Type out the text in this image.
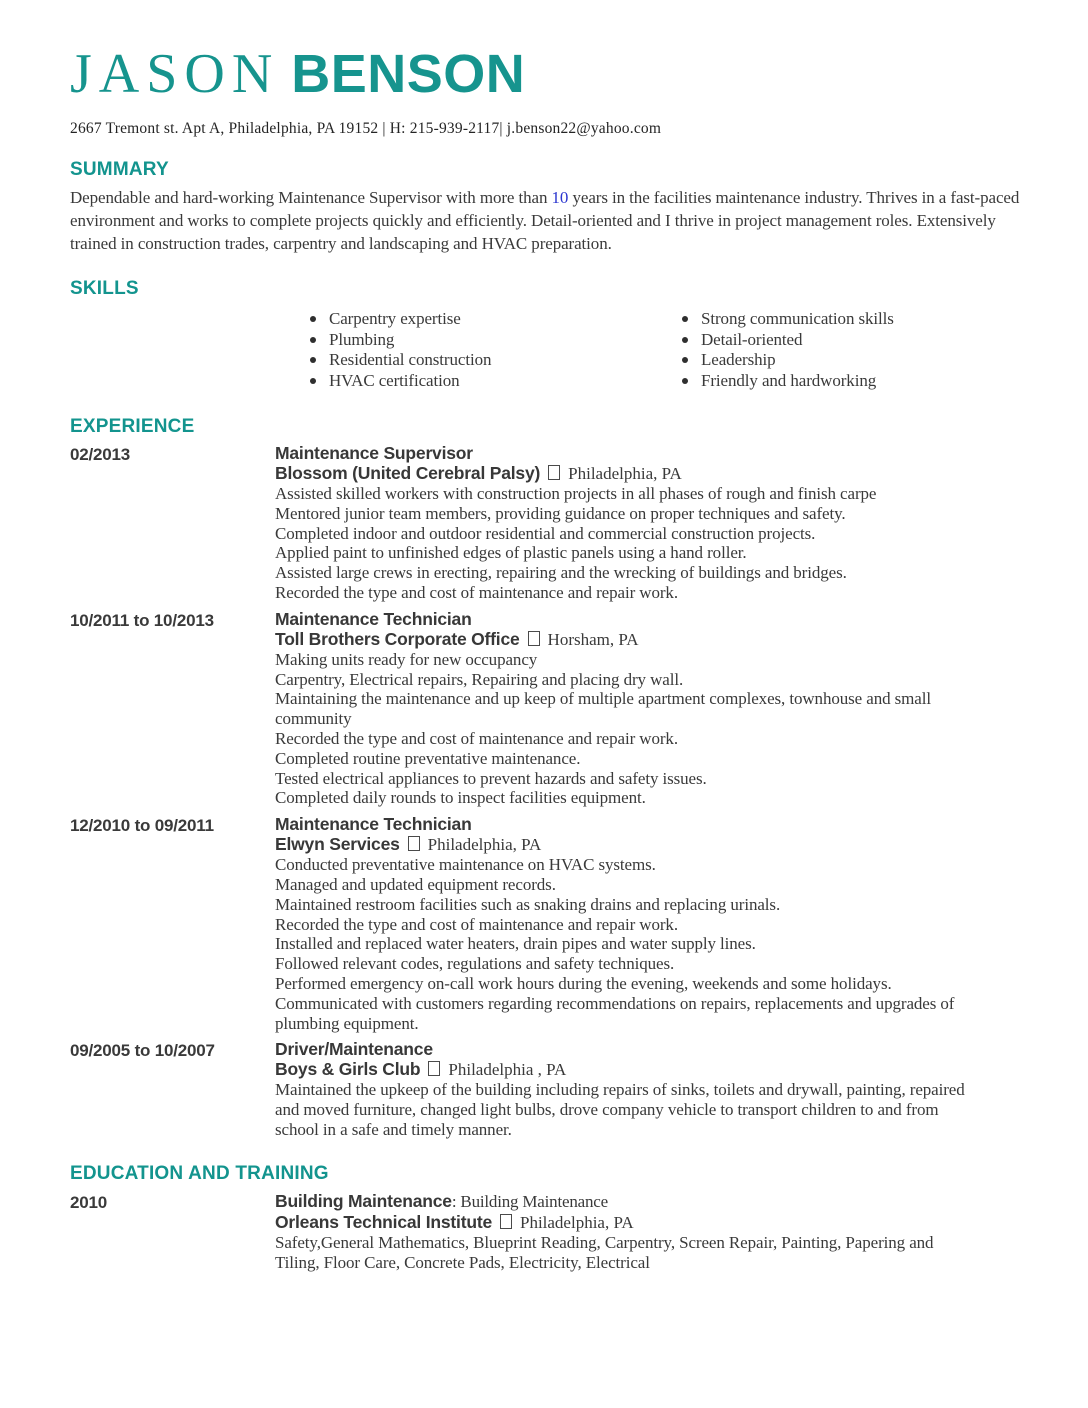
JASON BENSON
2667 Tremont st. Apt A, Philadelphia, PA 19152 | H: 215-939-2117| j.benson22@yahoo.com
SUMMARY

Dependable and hard-working Maintenance Supervisor with more than 10 years in the facilities maintenance industry. Thrives in a fast-paced environment and works to complete projects quickly and efficiently. Detail-oriented and I thrive in project management roles. Extensively trained in construction trades, carpentry and landscaping and HVAC preparation.

SKILLS
Carpentry expertise
Plumbing
Residential construction
HVAC certification
Strong communication skills
Detail-oriented
Leadership
Friendly and hardworking
EXPERIENCE
02/2013	Maintenance Supervisor
Blossom (United Cerebral Palsy) Philadelphia, PA
Assisted skilled workers with construction projects in all phases of rough and finish carpe
Mentored junior team members, providing guidance on proper techniques and safety.
Completed indoor and outdoor residential and commercial construction projects.
Applied paint to unfinished edges of plastic panels using a hand roller.
Assisted large crews in erecting, repairing and the wrecking of buildings and bridges.
Recorded the type and cost of maintenance and repair work.
10/2011 to 10/2013	Maintenance Technician
Toll Brothers Corporate Office Horsham, PA
Making units ready for new occupancy
Carpentry, Electrical repairs, Repairing and placing dry wall.
Maintaining the maintenance and up keep of multiple apartment complexes, townhouse and small community
Recorded the type and cost of maintenance and repair work.
Completed routine preventative maintenance.
Tested electrical appliances to prevent hazards and safety issues.
Completed daily rounds to inspect facilities equipment.
12/2010 to 09/2011	Maintenance Technician
Elwyn Services Philadelphia, PA
Conducted preventative maintenance on HVAC systems.
Managed and updated equipment records.
Maintained restroom facilities such as snaking drains and replacing urinals.
Recorded the type and cost of maintenance and repair work.
Installed and replaced water heaters, drain pipes and water supply lines.
Followed relevant codes, regulations and safety techniques.
Performed emergency on-call work hours during the evening, weekends and some holidays.
Communicated with customers regarding recommendations on repairs, replacements and upgrades of plumbing equipment.
09/2005 to 10/2007	Driver/Maintenance
Boys & Girls Club Philadelphia , PA
Maintained the upkeep of the building including repairs of sinks, toilets and drywall, painting, repaired and moved furniture, changed light bulbs, drove company vehicle to transport children to and from school in a safe and timely manner.
EDUCATION AND TRAINING
2010	Building Maintenance: Building Maintenance
Orleans Technical Institute Philadelphia, PA
Safety,General Mathematics, Blueprint Reading, Carpentry, Screen Repair, Painting, Papering and Tiling, Floor Care, Concrete Pads, Electricity, Electrical
